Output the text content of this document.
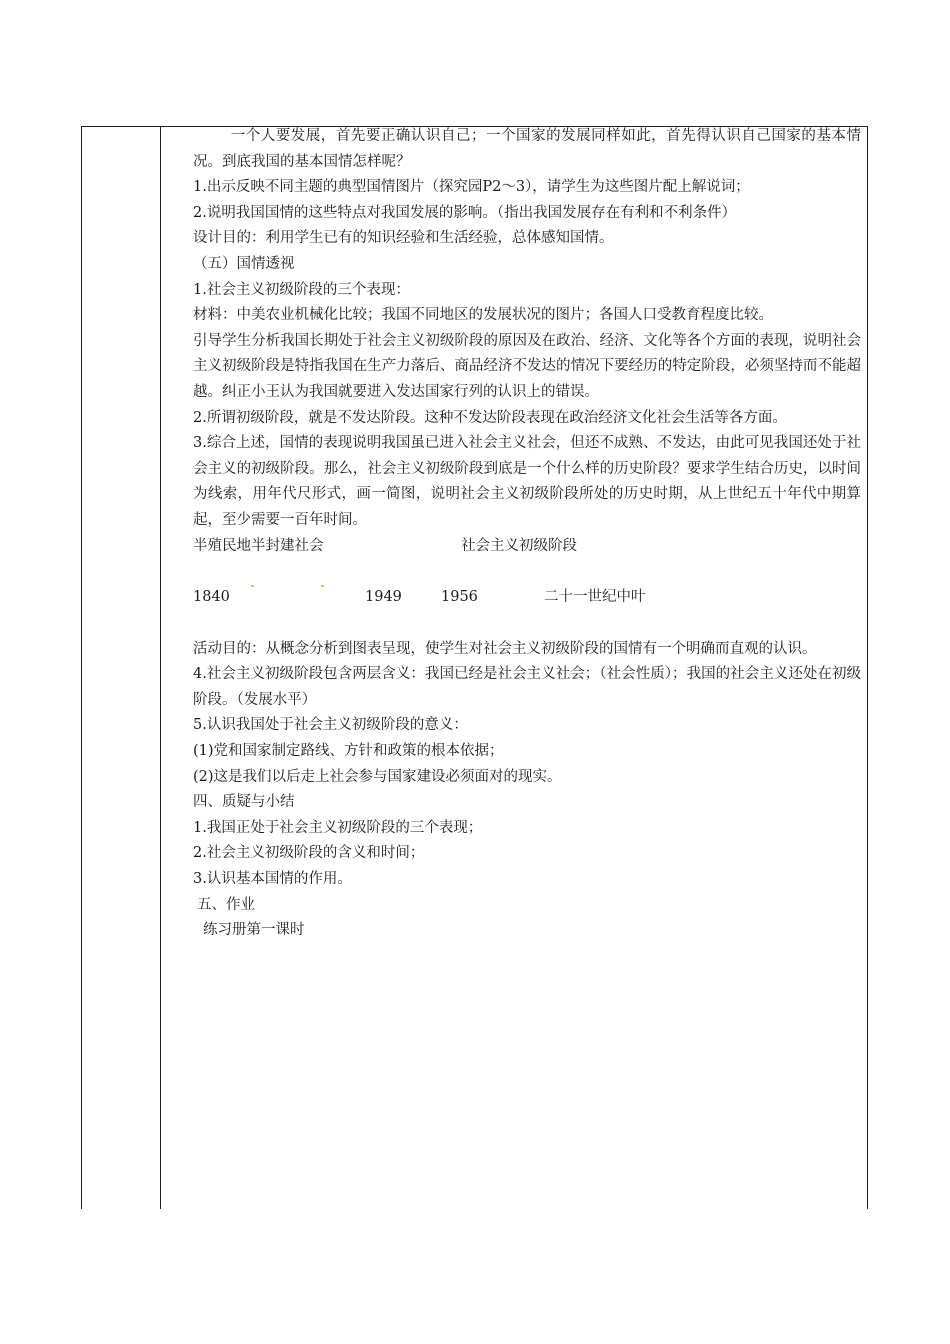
一个人要发展，首先要正确认识自己；一个国家的发展同样如此，首先得认识自己国家的基本情况。到底我国的基本国情怎样呢？

1.出示反映不同主题的典型国情图片（探究园P2～3），请学生为这些图片配上解说词；

2.说明我国国情的这些特点对我国发展的影响。（指出我国发展存在有利和不利条件）

设计目的：利用学生已有的知识经验和生活经验，总体感知国情。

（五）国情透视

1.社会主义初级阶段的三个表现：

材料：中美农业机械化比较；我国不同地区的发展状况的图片；各国人口受教育程度比较。

引导学生分析我国长期处于社会主义初级阶段的原因及在政治、经济、文化等各个方面的表现，说明社会主义初级阶段是特指我国在生产力落后、商品经济不发达的情况下要经历的特定阶段，必须坚持而不能超越。纠正小王认为我国就要进入发达国家行列的认识上的错误。

2.所谓初级阶段，就是不发达阶段。这种不发达阶段表现在政治经济文化社会生活等各方面。

3.综合上述，国情的表现说明我国虽已进入社会主义社会，但还不成熟、不发达，由此可见我国还处于社会主义的初级阶段。那么，社会主义初级阶段到底是一个什么样的历史阶段？要求学生结合历史，以时间为线索，用年代尺形式，画一简图，说明社会主义初级阶段所处的历史时期，从上世纪五十年代中期算起，至少需要一百年时间。

半殖民地半封建社会	社会主义初级阶段
1840	1949	1956	二十一世纪中叶

活动目的：从概念分析到图表呈现，使学生对社会主义初级阶段的国情有一个明确而直观的认识。

4.社会主义初级阶段包含两层含义：我国已经是社会主义社会；（社会性质）；我国的社会主义还处在初级阶段。（发展水平）

5.认识我国处于社会主义初级阶段的意义：

(1)党和国家制定路线、方针和政策的根本依据；

(2)这是我们以后走上社会参与国家建设必须面对的现实。

四、质疑与小结

1.我国正处于社会主义初级阶段的三个表现；

2.社会主义初级阶段的含义和时间；

3.认识基本国情的作用。

五、作业

练习册第一课时
